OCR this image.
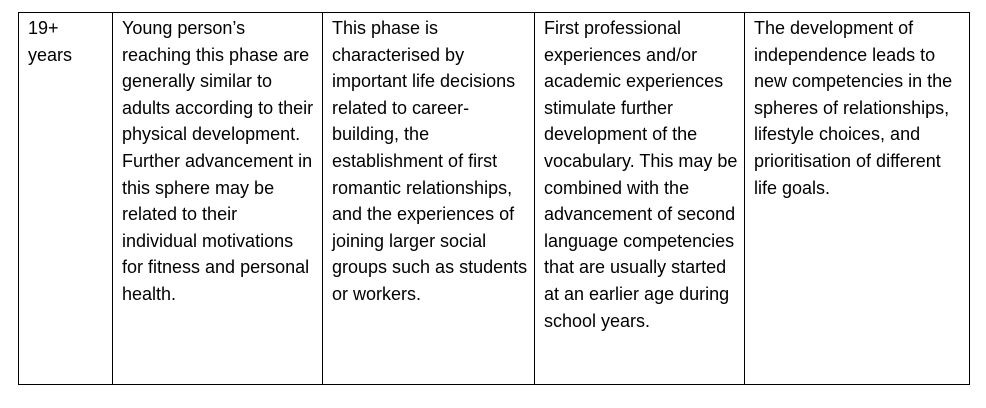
19+ years	Young person’s reaching this phase are generally similar to adults according to their physical development. Further advancement in this sphere may be related to their individual motivations for fitness and personal health.	This phase is characterised by important life decisions related to career-building, the establishment of first romantic relationships, and the experiences of joining larger social groups such as students or workers.	First professional experiences and/or academic experiences stimulate further development of the vocabulary. This may be combined with the advancement of second language competencies that are usually started at an earlier age during school years.	The development of independence leads to new competencies in the spheres of relationships, lifestyle choices, and prioritisation of different life goals.
